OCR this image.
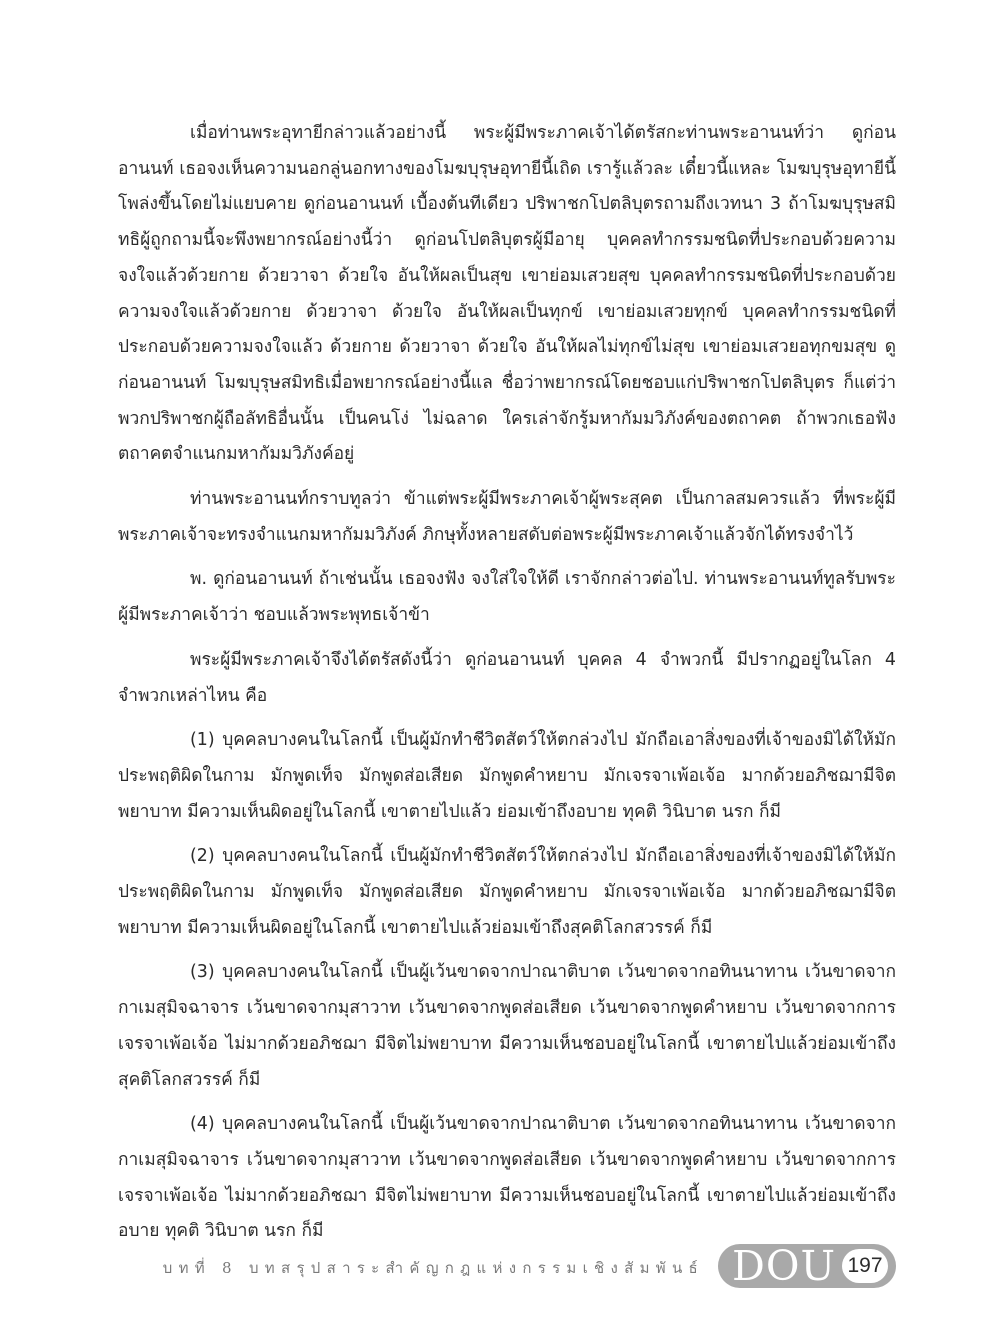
เมื่อท่านพระอุทายีกล่าวแล้วอย่างนี้ พระผู้มีพระภาคเจ้าได้ตรัสกะท่านพระอานนท์ว่า ดูก่อนอานนท์ เธอจงเห็นความนอกลู่นอกทางของโมฆบุรุษอุทายีนี้เถิด เรารู้แล้วละ เดี๋ยวนี้แหละ โมฆบุรุษอุทายีนี้โพล่งขึ้นโดยไม่แยบคาย ดูก่อนอานนท์ เบื้องต้นทีเดียว ปริพาชกโปตลิบุตรถามถึงเวทนา 3 ถ้าโมฆบุรุษสมิทธิผู้ถูกถามนี้จะพึงพยากรณ์อย่างนี้ว่า ดูก่อนโปตลิบุตรผู้มีอายุ บุคคลทำกรรมชนิดที่ประกอบด้วยความจงใจแล้วด้วยกาย ด้วยวาจา ด้วยใจ อันให้ผลเป็นสุข เขาย่อมเสวยสุข บุคคลทำกรรมชนิดที่ประกอบด้วยความจงใจแล้วด้วยกาย ด้วยวาจา ด้วยใจ อันให้ผลเป็นทุกข์ เขาย่อมเสวยทุกข์ บุคคลทำกรรมชนิดที่ประกอบด้วยความจงใจแล้ว ด้วยกาย ด้วยวาจา ด้วยใจ อันให้ผลไม่ทุกข์ไม่สุข เขาย่อมเสวยอทุกขมสุข ดูก่อนอานนท์ โมฆบุรุษสมิทธิเมื่อพยากรณ์อย่างนี้แล ชื่อว่าพยากรณ์โดยชอบแก่ปริพาชกโปตลิบุตร ก็แต่ว่าพวกปริพาชกผู้ถือลัทธิอื่นนั้น เป็นคนโง่ ไม่ฉลาด ใครเล่าจักรู้มหากัมมวิภังค์ของตถาคต ถ้าพวกเธอฟังตถาคตจำแนกมหากัมมวิภังค์อยู่

ท่านพระอานนท์กราบทูลว่า ข้าแต่พระผู้มีพระภาคเจ้าผู้พระสุคต เป็นกาลสมควรแล้ว ที่พระผู้มีพระภาคเจ้าจะทรงจำแนกมหากัมมวิภังค์ ภิกษุทั้งหลายสดับต่อพระผู้มีพระภาคเจ้าแล้วจักได้ทรงจำไว้

พ. ดูก่อนอานนท์ ถ้าเช่นนั้น เธอจงฟัง จงใส่ใจให้ดี เราจักกล่าวต่อไป. ท่านพระอานนท์ทูลรับพระผู้มีพระภาคเจ้าว่า ชอบแล้วพระพุทธเจ้าข้า

พระผู้มีพระภาคเจ้าจึงได้ตรัสดังนี้ว่า ดูก่อนอานนท์ บุคคล 4 จำพวกนี้ มีปรากฏอยู่ในโลก 4 จำพวกเหล่าไหน คือ

(1) บุคคลบางคนในโลกนี้ เป็นผู้มักทำชีวิตสัตว์ให้ตกล่วงไป มักถือเอาสิ่งของที่เจ้าของมิได้ให้มักประพฤติผิดในกาม มักพูดเท็จ มักพูดส่อเสียด มักพูดคำหยาบ มักเจรจาเพ้อเจ้อ มากด้วยอภิชฌามีจิตพยาบาท มีความเห็นผิดอยู่ในโลกนี้ เขาตายไปแล้ว ย่อมเข้าถึงอบาย ทุคติ วินิบาต นรก ก็มี

(2) บุคคลบางคนในโลกนี้ เป็นผู้มักทำชีวิตสัตว์ให้ตกล่วงไป มักถือเอาสิ่งของที่เจ้าของมิได้ให้มักประพฤติผิดในกาม มักพูดเท็จ มักพูดส่อเสียด มักพูดคำหยาบ มักเจรจาเพ้อเจ้อ มากด้วยอภิชฌามีจิตพยาบาท มีความเห็นผิดอยู่ในโลกนี้ เขาตายไปแล้วย่อมเข้าถึงสุคติโลกสวรรค์ ก็มี

(3) บุคคลบางคนในโลกนี้ เป็นผู้เว้นขาดจากปาณาติบาต เว้นขาดจากอทินนาทาน เว้นขาดจากกาเมสุมิจฉาจาร เว้นขาดจากมุสาวาท เว้นขาดจากพูดส่อเสียด เว้นขาดจากพูดคำหยาบ เว้นขาดจากการเจรจาเพ้อเจ้อ ไม่มากด้วยอภิชฌา มีจิตไม่พยาบาท มีความเห็นชอบอยู่ในโลกนี้ เขาตายไปแล้วย่อมเข้าถึงสุคติโลกสวรรค์ ก็มี

(4) บุคคลบางคนในโลกนี้ เป็นผู้เว้นขาดจากปาณาติบาต เว้นขาดจากอทินนาทาน เว้นขาดจากกาเมสุมิจฉาจาร เว้นขาดจากมุสาวาท เว้นขาดจากพูดส่อเสียด เว้นขาดจากพูดคำหยาบ เว้นขาดจากการเจรจาเพ้อเจ้อ ไม่มากด้วยอภิชฌา มีจิตไม่พยาบาท มีความเห็นชอบอยู่ในโลกนี้ เขาตายไปแล้วย่อมเข้าถึงอบาย ทุคติ วินิบาต นรก ก็มี

บทที่ 8 บทสรุปสาระสำคัญกฎแห่งกรรมเชิงสัมพันธ์ DOU 197
